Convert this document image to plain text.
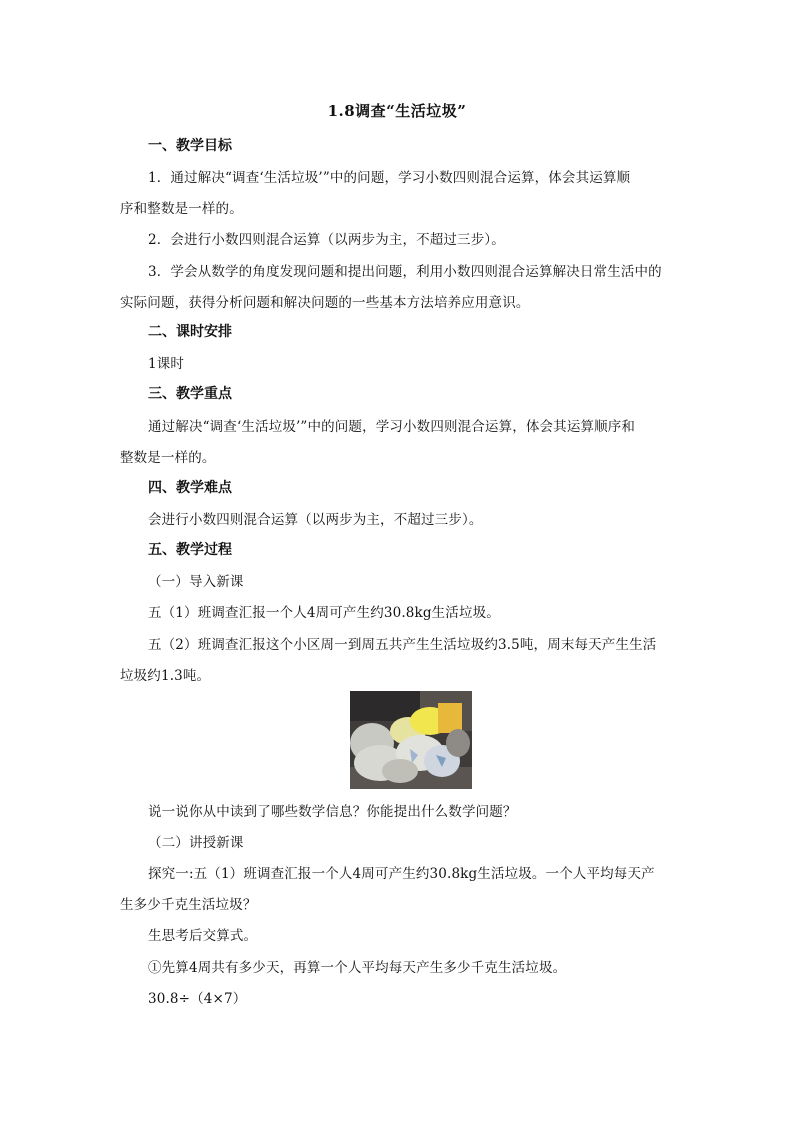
1.8调查“生活垃圾”
一、教学目标
1．通过解决“调查‘生活垃圾’”中的问题，学习小数四则混合运算，体会其运算顺
序和整数是一样的。
2．会进行小数四则混合运算（以两步为主，不超过三步）。
3．学会从数学的角度发现问题和提出问题，利用小数四则混合运算解决日常生活中的
实际问题，获得分析问题和解决问题的一些基本方法培养应用意识。
二、课时安排
1课时
三、教学重点
通过解决“调查‘生活垃圾’”中的问题，学习小数四则混合运算，体会其运算顺序和
整数是一样的。
四、教学难点
会进行小数四则混合运算（以两步为主，不超过三步）。
五、教学过程
（一）导入新课
五（1）班调查汇报一个人4周可产生约30.8kg生活垃圾。
五（2）班调查汇报这个小区周一到周五共产生生活垃圾约3.5吨，周末每天产生生活
垃圾约1.3吨。
说一说你从中读到了哪些数学信息？你能提出什么数学问题？
（二）讲授新课
探究一:五（1）班调查汇报一个人4周可产生约30.8kg生活垃圾。一个人平均每天产
生多少千克生活垃圾？
生思考后交算式。
①先算4周共有多少天，再算一个人平均每天产生多少千克生活垃圾。
30.8÷（4×7）
